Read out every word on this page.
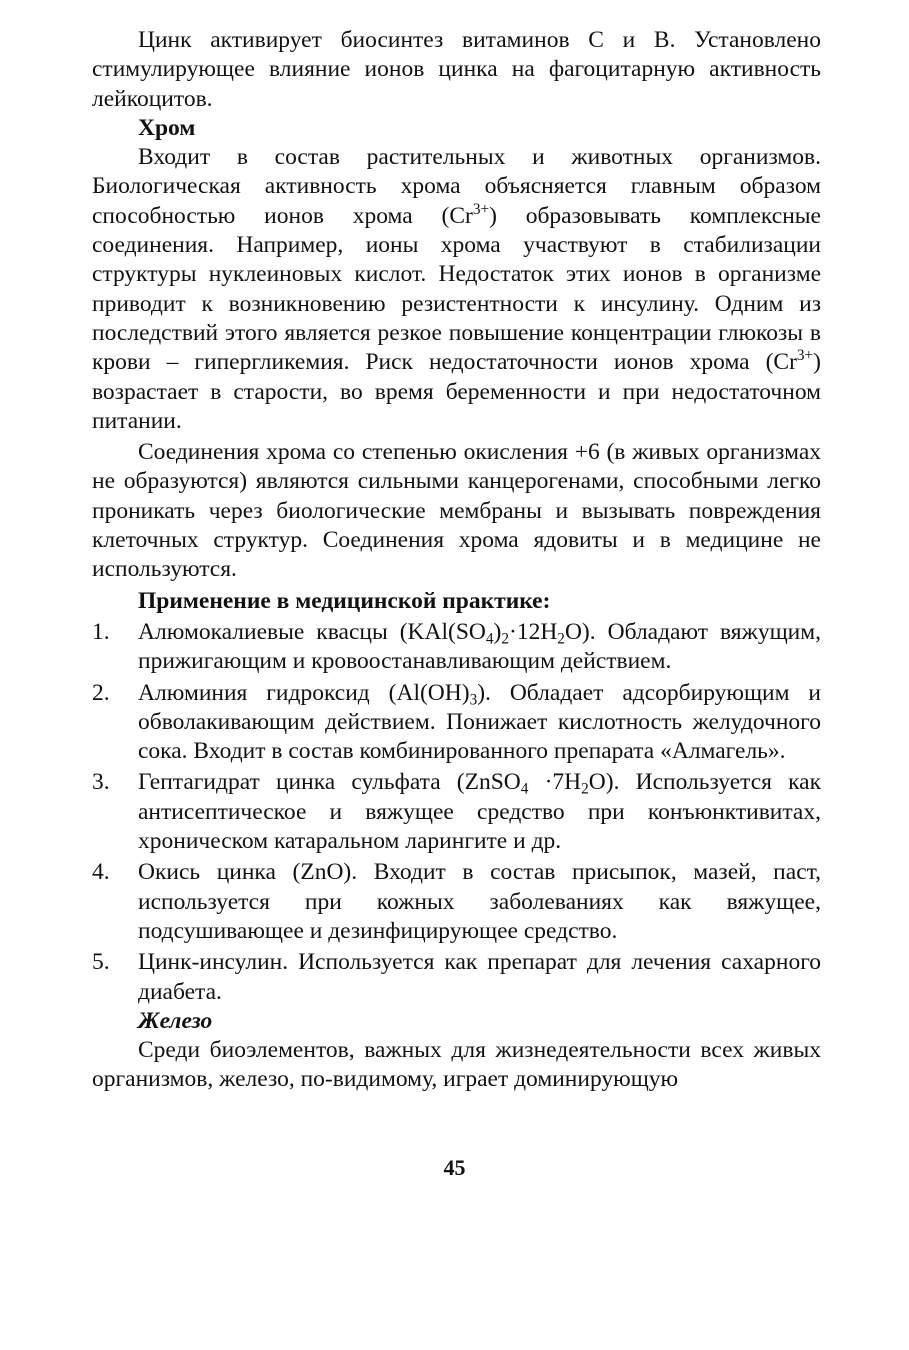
Цинк активирует биосинтез витаминов С и В. Установлено стимулирующее влияние ионов цинка на фагоцитарную активность лейкоцитов.

Хром

Входит в состав растительных и животных организмов. Биологическая активность хрома объясняется главным образом способностью ионов хрома $(Cr^{3+})$ образовывать комплексные соединения. Например, ионы хрома участвуют в стабилизации структуры нуклеиновых кислот. Недостаток этих ионов в организме приводит к возникновению резистентности к инсулину. Одним из последствий этого является резкое повышение концентрации глюкозы в крови – гипергликемия. Риск недостаточности ионов хрома $(Cr^{3+})$ возрастает в старости, во время беременности и при недостаточном питании.

Соединения хрома со степенью окисления +6 (в живых организмах не образуются) являются сильными канцерогенами, способными легко проникать через биологические мембраны и вызывать повреждения клеточных структур. Соединения хрома ядовиты и в медицине не используются.

Применение в медицинской практике:
1. Алюмокалиевые квасцы $(KAl(SO_4)_2\cdot 12H_2O)$. Обладают вяжущим, прижигающим и кровоостанавливающим действием.
2. Алюминия гидроксид $(Al(OH)_3)$. Обладает адсорбирующим и обволакивающим действием. Понижает кислотность желудочного сока. Входит в состав комбинированного препарата «Алмагель».
3. Гептагидрат цинка сульфата (ZnSO$_4$ $\cdot 7H_2O$). Используется как антисептическое и вяжущее средство при конъюнктивитах, хроническом катаральном ларингите и др.
4. Окись цинка (ZnO). Входит в состав присыпок, мазей, паст, используется при кожных заболеваниях как вяжущее, подсушивающее и дезинфицирующее средство.
5. Цинк-инсулин. Используется как препарат для лечения сахарного диабета.
Железо

Среди биоэлементов, важных для жизнедеятельности всех живых организмов, железо, по-видимому, играет доминирующую

45
